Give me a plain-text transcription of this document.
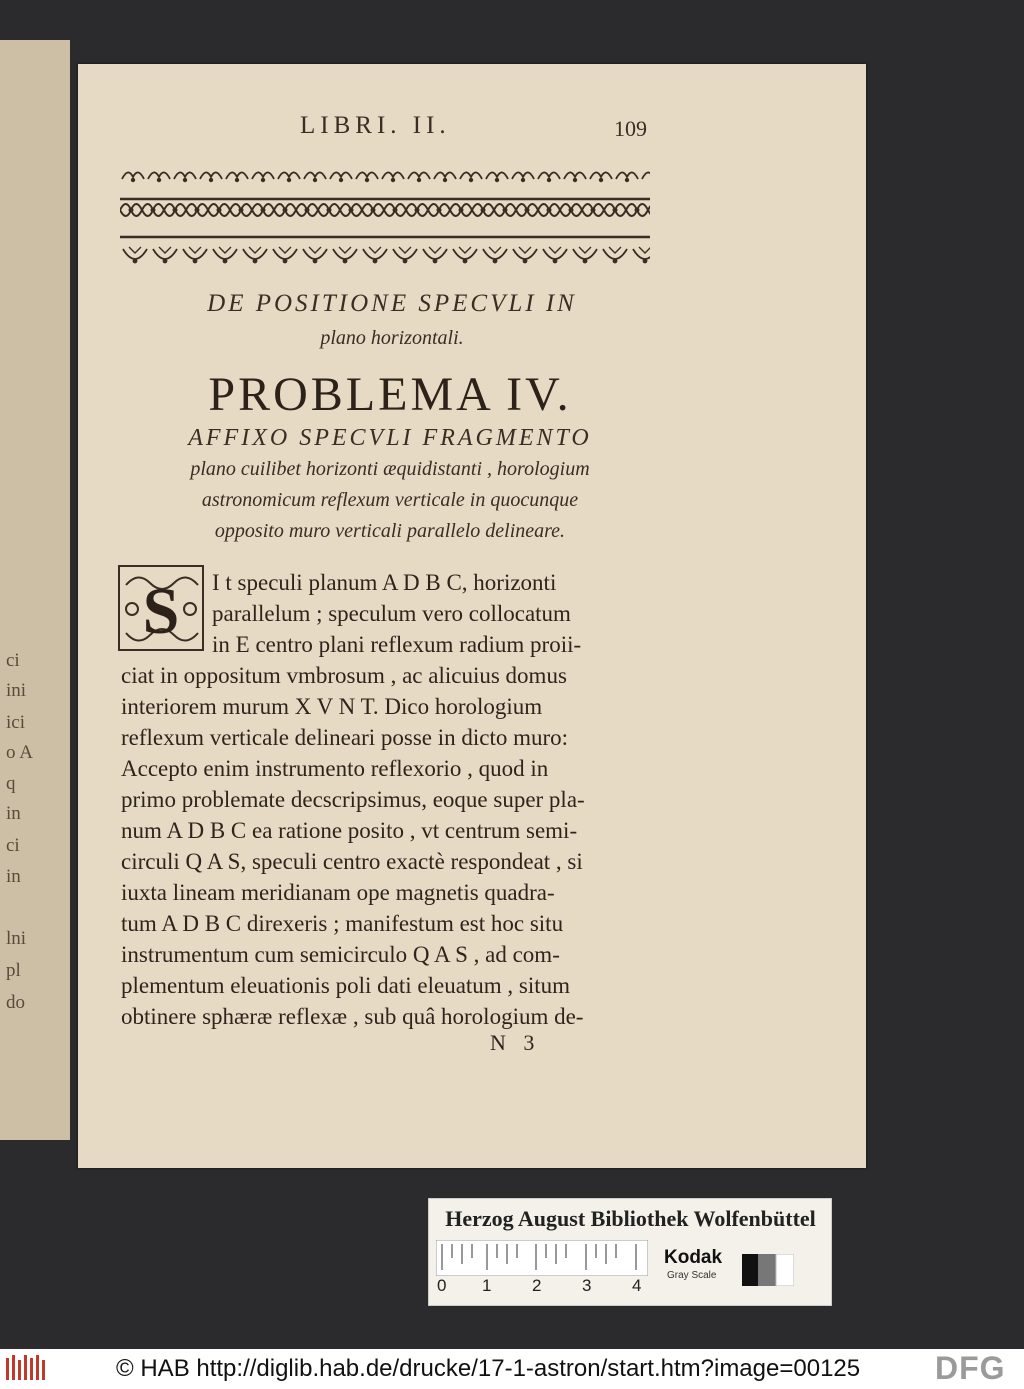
ci
ini
ici
o A
q
in
ci
in
lni
pl
do
LIBRI. II.	109
DE POSITIONE SPECVLI IN
plano horizontali.
PROBLEMA IV.
AFFIXO SPECVLI FRAGMENTO
plano cuilibet horizonti æquidistanti , horologium
astronomicum reflexum verticale in quocunque
opposito muro verticali parallelo delineare.
S I t speculi planum A D B C, horizonti
parallelum ; speculum vero collocatum
in E centro plani reflexum radium proii-
ciat in oppositum vmbrosum , ac alicuius domus
interiorem murum X V N T. Dico horologium
reflexum verticale delineari posse in dicto muro:
Accepto enim instrumento reflexorio , quod in
primo problemate decscripsimus, eoque super pla-
num A D B C ea ratione posito , vt centrum semi-
circuli Q A S, speculi centro exactè respondeat , si
iuxta lineam meridianam ope magnetis quadra-
tum A D B C direxeris ; manifestum est hoc situ
instrumentum cum semicirculo Q A S , ad com-
plementum eleuationis poli dati eleuatum , situm
obtinere sphæræ reflexæ , sub quâ horologium de-
N 3
Herzog August Bibliothek Wolfenbüttel
0 1 2 3 4
Kodak
Gray Scale
© HAB http://diglib.hab.de/drucke/17-1-astron/start.htm?image=00125 DFG
